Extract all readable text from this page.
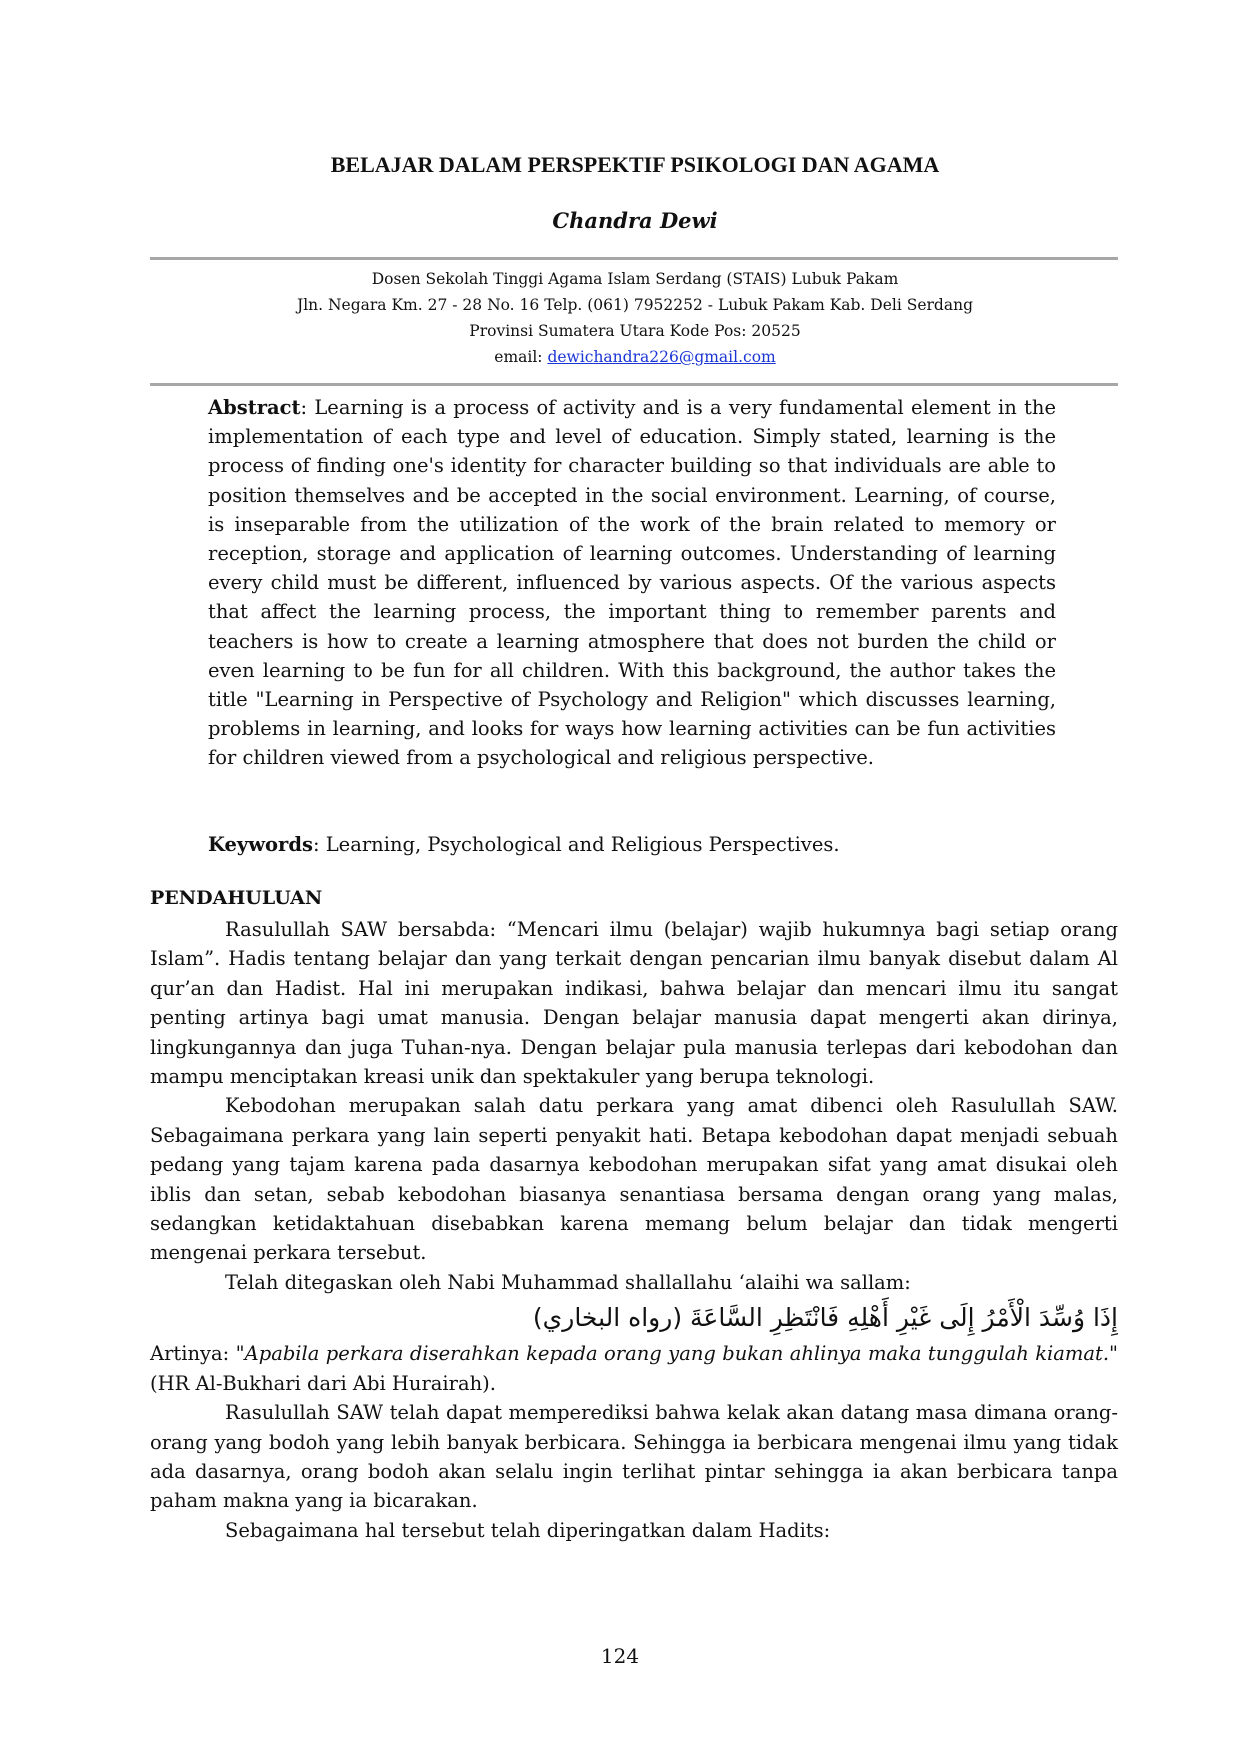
BELAJAR DALAM PERSPEKTIF PSIKOLOGI DAN AGAMA
Chandra Dewi
Dosen Sekolah Tinggi Agama Islam Serdang (STAIS) Lubuk Pakam
Jln. Negara Km. 27 - 28 No. 16 Telp. (061) 7952252 - Lubuk Pakam Kab. Deli Serdang
Provinsi Sumatera Utara Kode Pos: 20525
email: dewichandra226@gmail.com

Abstract: Learning is a process of activity and is a very fundamental element in the implementation of each type and level of education. Simply stated, learning is the process of finding one's identity for character building so that individuals are able to position themselves and be accepted in the social environment. Learning, of course, is inseparable from the utilization of the work of the brain related to memory or reception, storage and application of learning outcomes. Understanding of learning every child must be different, influenced by various aspects. Of the various aspects that affect the learning process, the important thing to remember parents and teachers is how to create a learning atmosphere that does not burden the child or even learning to be fun for all children. With this background, the author takes the title "Learning in Perspective of Psychology and Religion" which discusses learning, problems in learning, and looks for ways how learning activities can be fun activities for children viewed from a psychological and religious perspective.

Keywords: Learning, Psychological and Religious Perspectives.

PENDAHULUAN

Rasulullah SAW bersabda: “Mencari ilmu (belajar) wajib hukumnya bagi setiap orang Islam”. Hadis tentang belajar dan yang terkait dengan pencarian ilmu banyak disebut dalam Al qur’an dan Hadist. Hal ini merupakan indikasi, bahwa belajar dan mencari ilmu itu sangat penting artinya bagi umat manusia. Dengan belajar manusia dapat mengerti akan dirinya, lingkungannya dan juga Tuhan-nya. Dengan belajar pula manusia terlepas dari kebodohan dan mampu menciptakan kreasi unik dan spektakuler yang berupa teknologi.

Kebodohan merupakan salah datu perkara yang amat dibenci oleh Rasulullah SAW. Sebagaimana perkara yang lain seperti penyakit hati. Betapa kebodohan dapat menjadi sebuah pedang yang tajam karena pada dasarnya kebodohan merupakan sifat yang amat disukai oleh iblis dan setan, sebab kebodohan biasanya senantiasa bersama dengan orang yang malas, sedangkan ketidaktahuan disebabkan karena memang belum belajar dan tidak mengerti mengenai perkara tersebut.

Telah ditegaskan oleh Nabi Muhammad shallallahu ‘alaihi wa sallam:

إِذَا وُسِّدَ الْأَمْرُ إِلَى غَيْرِ أَهْلِهِ فَانْتَظِرِ السَّاعَةَ (رواه البخاري)

Artinya: "Apabila perkara diserahkan kepada orang yang bukan ahlinya maka tunggulah kiamat." (HR Al-Bukhari dari Abi Hurairah).

Rasulullah SAW telah dapat memperediksi bahwa kelak akan datang masa dimana orang-orang yang bodoh yang lebih banyak berbicara. Sehingga ia berbicara mengenai ilmu yang tidak ada dasarnya, orang bodoh akan selalu ingin terlihat pintar sehingga ia akan berbicara tanpa paham makna yang ia bicarakan.

Sebagaimana hal tersebut telah diperingatkan dalam Hadits:

124
